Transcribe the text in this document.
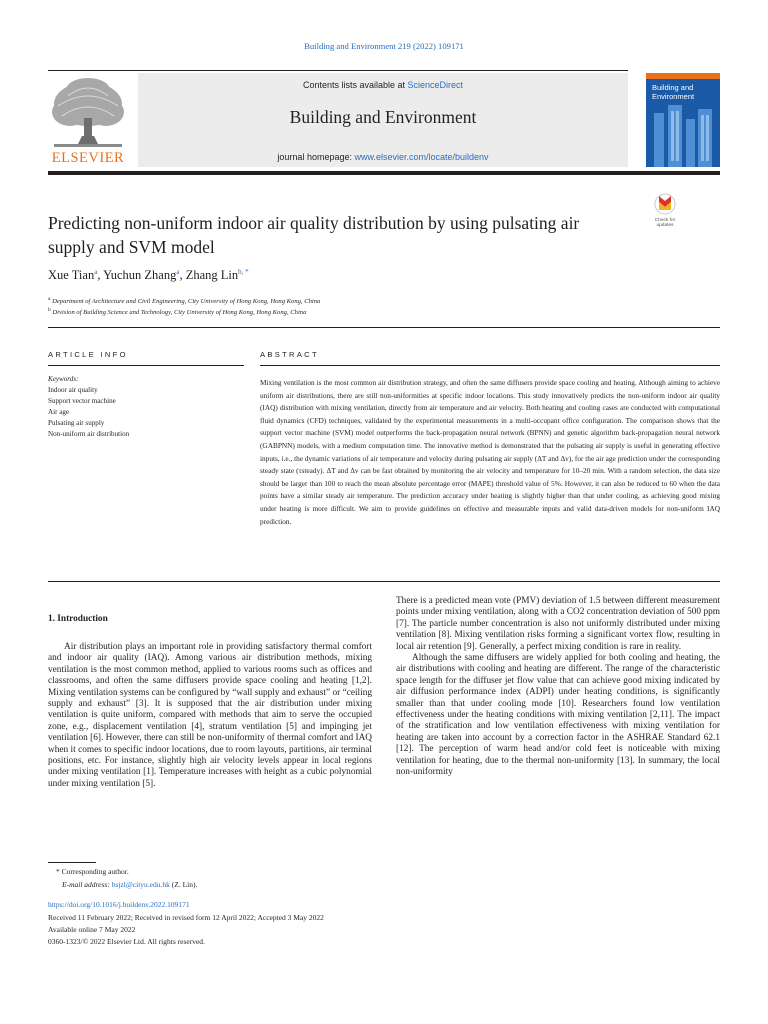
Building and Environment 219 (2022) 109171
Contents lists available at ScienceDirect
Building and Environment
journal homepage: www.elsevier.com/locate/buildenv
ELSEVIER
Building and
Environment
Predicting non-uniform indoor air quality distribution by using pulsating air supply and SVM model
Check for
updates
Xue Tian$^a$, Yuchun Zhang$^a$, Zhang Lin$^{b, *}$
$^a$ Department of Architecture and Civil Engineering, City University of Hong Kong, Hong Kong, China
$^b$ Division of Building Science and Technology, City University of Hong Kong, Hong Kong, China
ARTICLE INFO
Keywords:
Indoor air quality
Support vector machine
Air age
Pulsating air supply
Non-uniform air distribution
ABSTRACT
Mixing ventilation is the most common air distribution strategy, and often the same diffusers provide space cooling and heating. Although aiming to achieve uniform air distributions, there are still non-uniformities at specific indoor locations. This study innovatively predicts the non-uniform indoor air quality (IAQ) distribution with mixing ventilation, directly from air temperature and air velocity. Both heating and cooling cases are conducted with computational fluid dynamics (CFD) techniques, validated by the experimental measurements in a multi-occupant office configuration. The comparison shows that the support vector machine (SVM) model outperforms the back-propagation neural network (BPNN) and genetic algorithm back-propagation neural network (GABPNN) models, with a medium computation time. The innovative method is demonstrated that the pulsating air supply is useful in generating effective inputs, i.e., the dynamic variations of air temperature and velocity during pulsating air supply (ΔT and Δv), for the air age prediction under the corresponding steady state (τsteady). ΔT and Δv can be fast obtained by monitoring the air velocity and temperature for 10–20 min. With a random selection, the data size should be larger than 100 to reach the mean absolute percentage error (MAPE) threshold value of 5%. However, it can also be reduced to 60 when the data points have a similar steady air temperature. The prediction accuracy under heating is slightly higher than that under cooling, as achieving good mixing under heating is more difficult. We aim to provide guidelines on effective and measurable inputs and valid data-driven models for non-uniform IAQ prediction.
1. Introduction
Air distribution plays an important role in providing satisfactory thermal comfort and indoor air quality (IAQ). Among various air distribution methods, mixing ventilation is the most common method, applied to various rooms such as offices and classrooms, and often the same diffusers provide space cooling and heating [1,2]. Mixing ventilation systems can be configured by “wall supply and exhaust” or “ceiling supply and exhaust” [3]. It is supposed that the air distribution under mixing ventilation is quite uniform, compared with methods that aim to serve the occupied zone, e.g., displacement ventilation [4], stratum ventilation [5] and impinging jet ventilation [6]. However, there can still be non-uniformity of thermal comfort and IAQ when it comes to specific indoor locations, due to room layouts, partitions, air terminal positions, etc. For instance, slightly high air velocity levels appear in local regions under mixing ventilation [1]. Temperature increases with height as a cubic polynomial under mixing ventilation [5].

There is a predicted mean vote (PMV) deviation of 1.5 between different measurement points under mixing ventilation, along with a CO2 concentration deviation of 500 ppm [7]. The particle number concentration is also not uniformly distributed under mixing ventilation [8]. Mixing ventilation risks forming a significant vortex flow, resulting in local air retention [9]. Generally, a perfect mixing condition is rare in reality.

Although the same diffusers are widely applied for both cooling and heating, the air distributions with cooling and heating are different. The range of the characteristic space length for the diffuser jet flow value that can achieve good mixing indicated by air diffusion performance index (ADPI) under heating conditions, is significantly smaller than that under cooling mode [10]. Researchers found low ventilation effectiveness under the heating conditions with mixing ventilation [2,11]. The impact of the stratification and low ventilation effectiveness with mixing ventilation for heating are taken into account by a correction factor in the ASHRAE Standard 62.1 [12]. The perception of warm head and/or cold feet is noticeable with mixing ventilation for heating, due to the thermal non-uniformity [13]. In summary, the local non-uniformity

* Corresponding author.
E-mail address: bsjzl@cityu.edu.hk (Z. Lin).
https://doi.org/10.1016/j.buildenv.2022.109171
Received 11 February 2022; Received in revised form 12 April 2022; Accepted 3 May 2022
Available online 7 May 2022
0360-1323/© 2022 Elsevier Ltd. All rights reserved.
